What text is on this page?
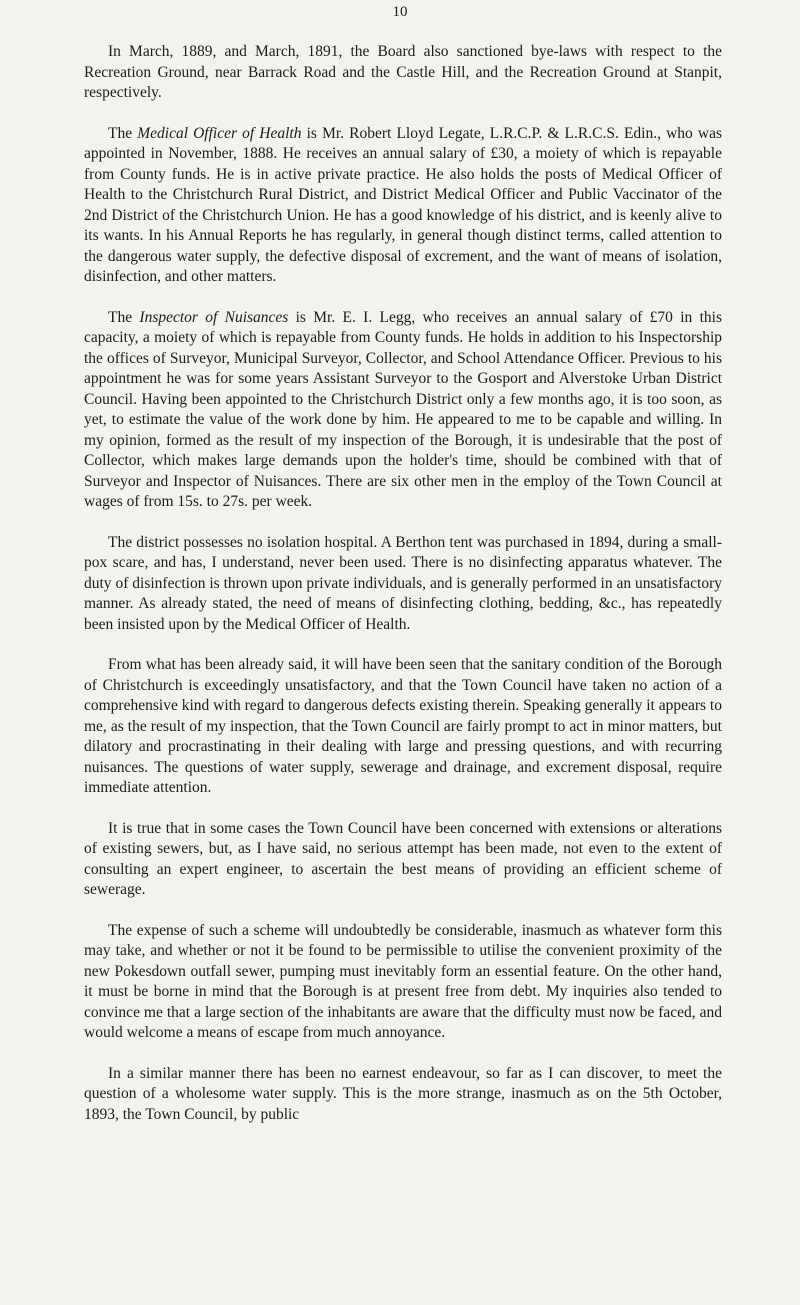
10

In March, 1889, and March, 1891, the Board also sanctioned bye-laws with respect to the Recreation Ground, near Barrack Road and the Castle Hill, and the Recreation Ground at Stanpit, respectively.

The Medical Officer of Health is Mr. Robert Lloyd Legate, L.R.C.P. & L.R.C.S. Edin., who was appointed in November, 1888. He receives an annual salary of £30, a moiety of which is repayable from County funds. He is in active private practice. He also holds the posts of Medical Officer of Health to the Christchurch Rural District, and District Medical Officer and Public Vaccinator of the 2nd District of the Christchurch Union. He has a good knowledge of his district, and is keenly alive to its wants. In his Annual Reports he has regularly, in general though distinct terms, called attention to the dangerous water supply, the defective disposal of excrement, and the want of means of isolation, disinfection, and other matters.

The Inspector of Nuisances is Mr. E. I. Legg, who receives an annual salary of £70 in this capacity, a moiety of which is repayable from County funds. He holds in addition to his Inspectorship the offices of Surveyor, Municipal Surveyor, Collector, and School Attendance Officer. Previous to his appointment he was for some years Assistant Surveyor to the Gosport and Alverstoke Urban District Council. Having been appointed to the Christchurch District only a few months ago, it is too soon, as yet, to estimate the value of the work done by him. He appeared to me to be capable and willing. In my opinion, formed as the result of my inspection of the Borough, it is undesirable that the post of Collector, which makes large demands upon the holder's time, should be combined with that of Surveyor and Inspector of Nuisances. There are six other men in the employ of the Town Council at wages of from 15s. to 27s. per week.

The district possesses no isolation hospital. A Berthon tent was purchased in 1894, during a small-pox scare, and has, I understand, never been used. There is no disinfecting apparatus whatever. The duty of disinfection is thrown upon private individuals, and is generally performed in an unsatisfactory manner. As already stated, the need of means of disinfecting clothing, bedding, &c., has repeatedly been insisted upon by the Medical Officer of Health.

From what has been already said, it will have been seen that the sanitary condition of the Borough of Christchurch is exceedingly unsatisfactory, and that the Town Council have taken no action of a comprehensive kind with regard to dangerous defects existing therein. Speaking generally it appears to me, as the result of my inspection, that the Town Council are fairly prompt to act in minor matters, but dilatory and procrastinating in their dealing with large and pressing questions, and with recurring nuisances. The questions of water supply, sewerage and drainage, and excrement disposal, require immediate attention.

It is true that in some cases the Town Council have been concerned with extensions or alterations of existing sewers, but, as I have said, no serious attempt has been made, not even to the extent of consulting an expert engineer, to ascertain the best means of providing an efficient scheme of sewerage.

The expense of such a scheme will undoubtedly be considerable, inasmuch as whatever form this may take, and whether or not it be found to be permissible to utilise the convenient proximity of the new Pokesdown outfall sewer, pumping must inevitably form an essential feature. On the other hand, it must be borne in mind that the Borough is at present free from debt. My inquiries also tended to convince me that a large section of the inhabitants are aware that the difficulty must now be faced, and would welcome a means of escape from much annoyance.

In a similar manner there has been no earnest endeavour, so far as I can discover, to meet the question of a wholesome water supply. This is the more strange, inasmuch as on the 5th October, 1893, the Town Council, by public
